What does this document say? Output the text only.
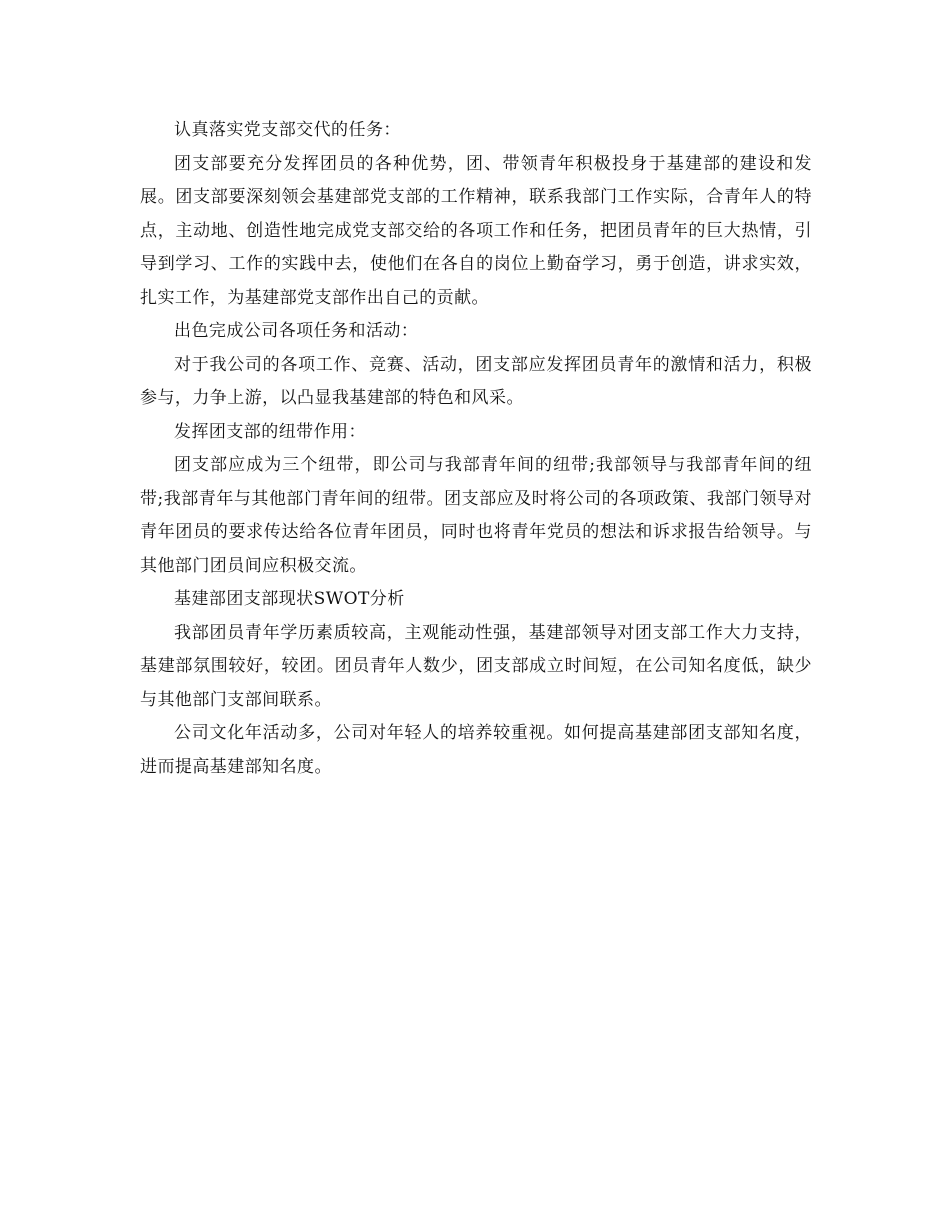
认真落实党支部交代的任务：

团支部要充分发挥团员的各种优势，团、带领青年积极投身于基建部的建设和发展。团支部要深刻领会基建部党支部的工作精神，联系我部门工作实际，合青年人的特点，主动地、创造性地完成党支部交给的各项工作和任务，把团员青年的巨大热情，引导到学习、工作的实践中去，使他们在各自的岗位上勤奋学习，勇于创造，讲求实效，扎实工作，为基建部党支部作出自己的贡献。

出色完成公司各项任务和活动：

对于我公司的各项工作、竞赛、活动，团支部应发挥团员青年的激情和活力，积极参与，力争上游，以凸显我基建部的特色和风采。

发挥团支部的纽带作用：

团支部应成为三个纽带，即公司与我部青年间的纽带;我部领导与我部青年间的纽带;我部青年与其他部门青年间的纽带。团支部应及时将公司的各项政策、我部门领导对青年团员的要求传达给各位青年团员，同时也将青年党员的想法和诉求报告给领导。与其他部门团员间应积极交流。

基建部团支部现状SWOT分析

我部团员青年学历素质较高，主观能动性强，基建部领导对团支部工作大力支持，基建部氛围较好，较团。团员青年人数少，团支部成立时间短，在公司知名度低，缺少与其他部门支部间联系。

公司文化年活动多，公司对年轻人的培养较重视。如何提高基建部团支部知名度，进而提高基建部知名度。
